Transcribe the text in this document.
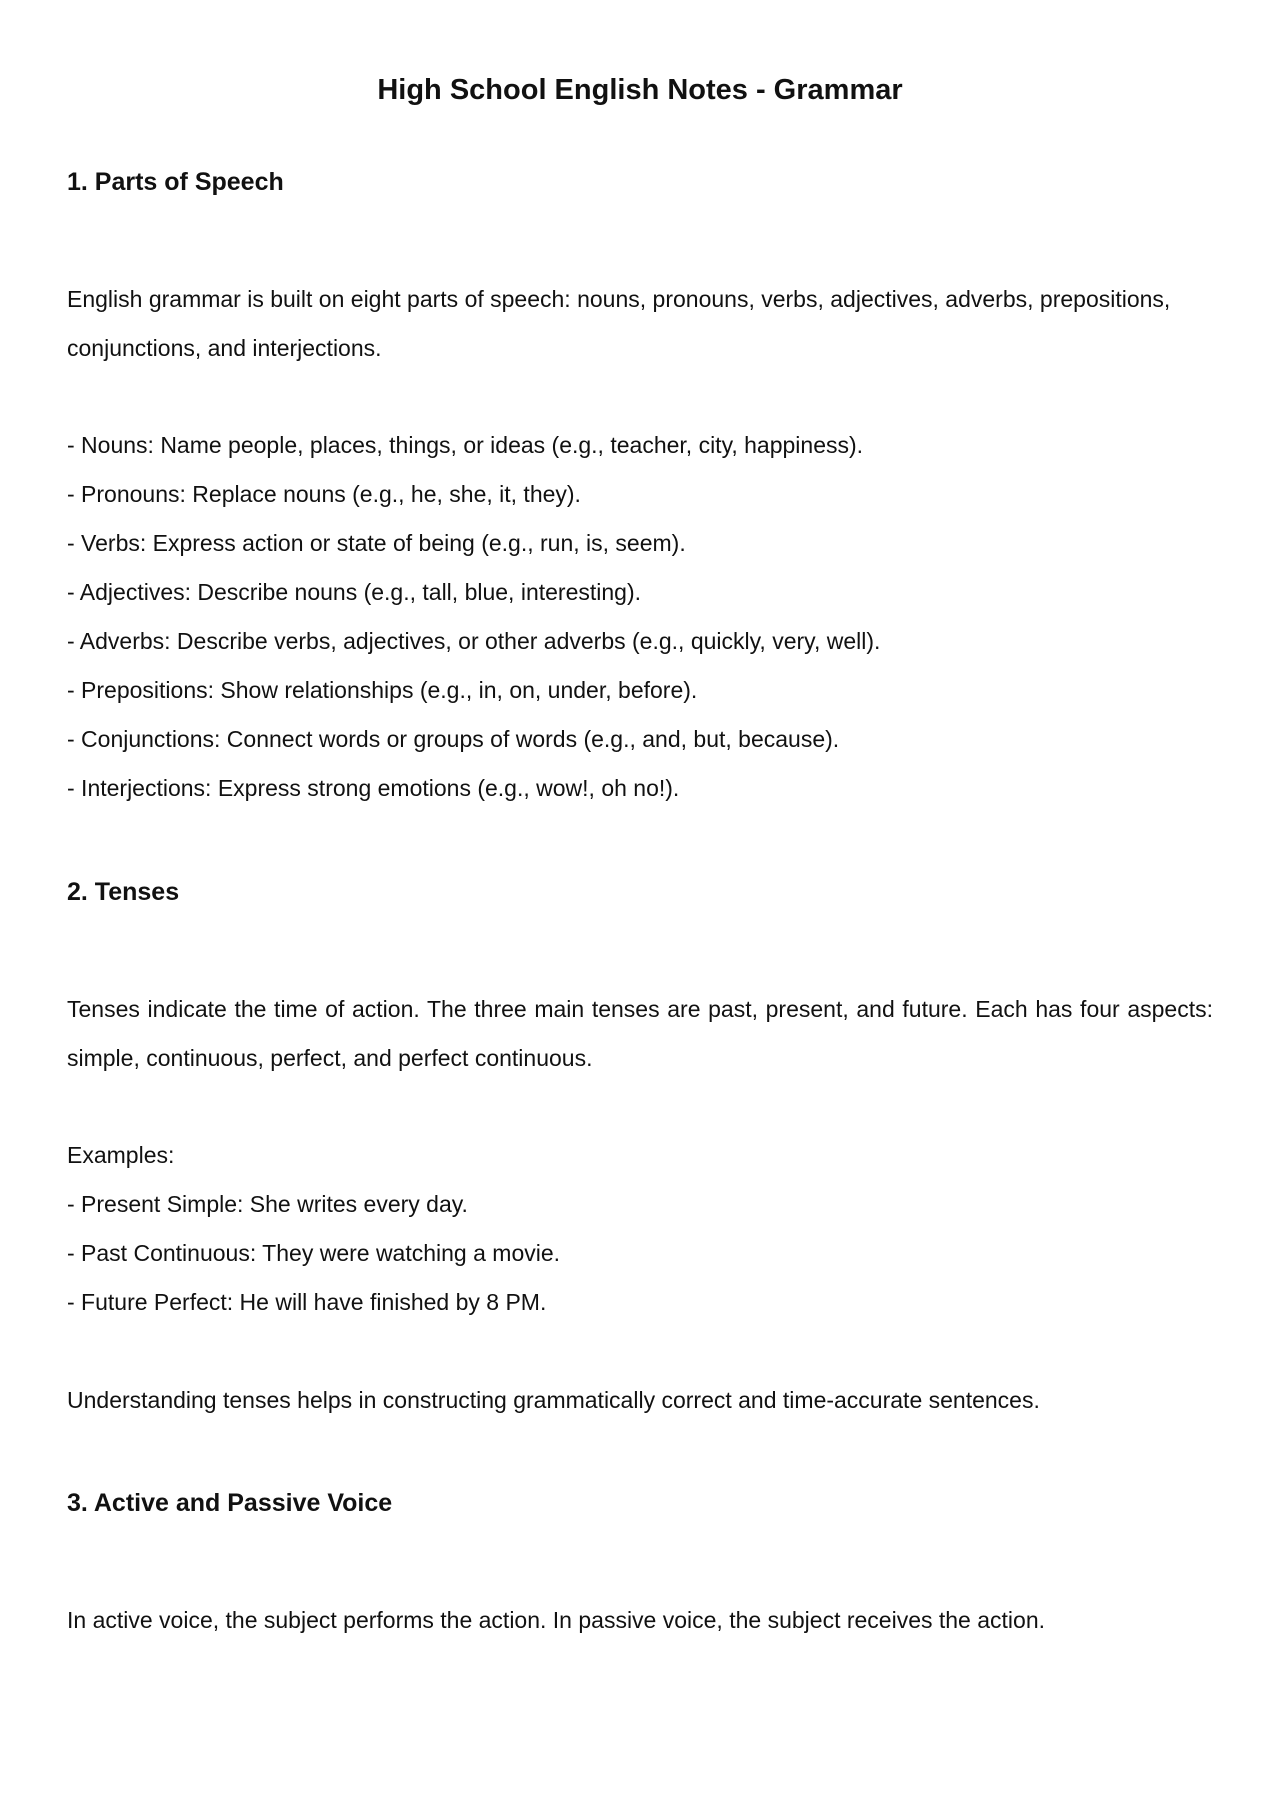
High School English Notes - Grammar
1. Parts of Speech

English grammar is built on eight parts of speech: nouns, pronouns, verbs, adjectives, adverbs, prepositions, conjunctions, and interjections.

- Nouns: Name people, places, things, or ideas (e.g., teacher, city, happiness).
- Pronouns: Replace nouns (e.g., he, she, it, they).
- Verbs: Express action or state of being (e.g., run, is, seem).
- Adjectives: Describe nouns (e.g., tall, blue, interesting).
- Adverbs: Describe verbs, adjectives, or other adverbs (e.g., quickly, very, well).
- Prepositions: Show relationships (e.g., in, on, under, before).
- Conjunctions: Connect words or groups of words (e.g., and, but, because).
- Interjections: Express strong emotions (e.g., wow!, oh no!).
2. Tenses

Tenses indicate the time of action. The three main tenses are past, present, and future. Each has four aspects: simple, continuous, perfect, and perfect continuous.

Examples:
- Present Simple: She writes every day.
- Past Continuous: They were watching a movie.
- Future Perfect: He will have finished by 8 PM.
Understanding tenses helps in constructing grammatically correct and time-accurate sentences.
3. Active and Passive Voice
In active voice, the subject performs the action. In passive voice, the subject receives the action.
